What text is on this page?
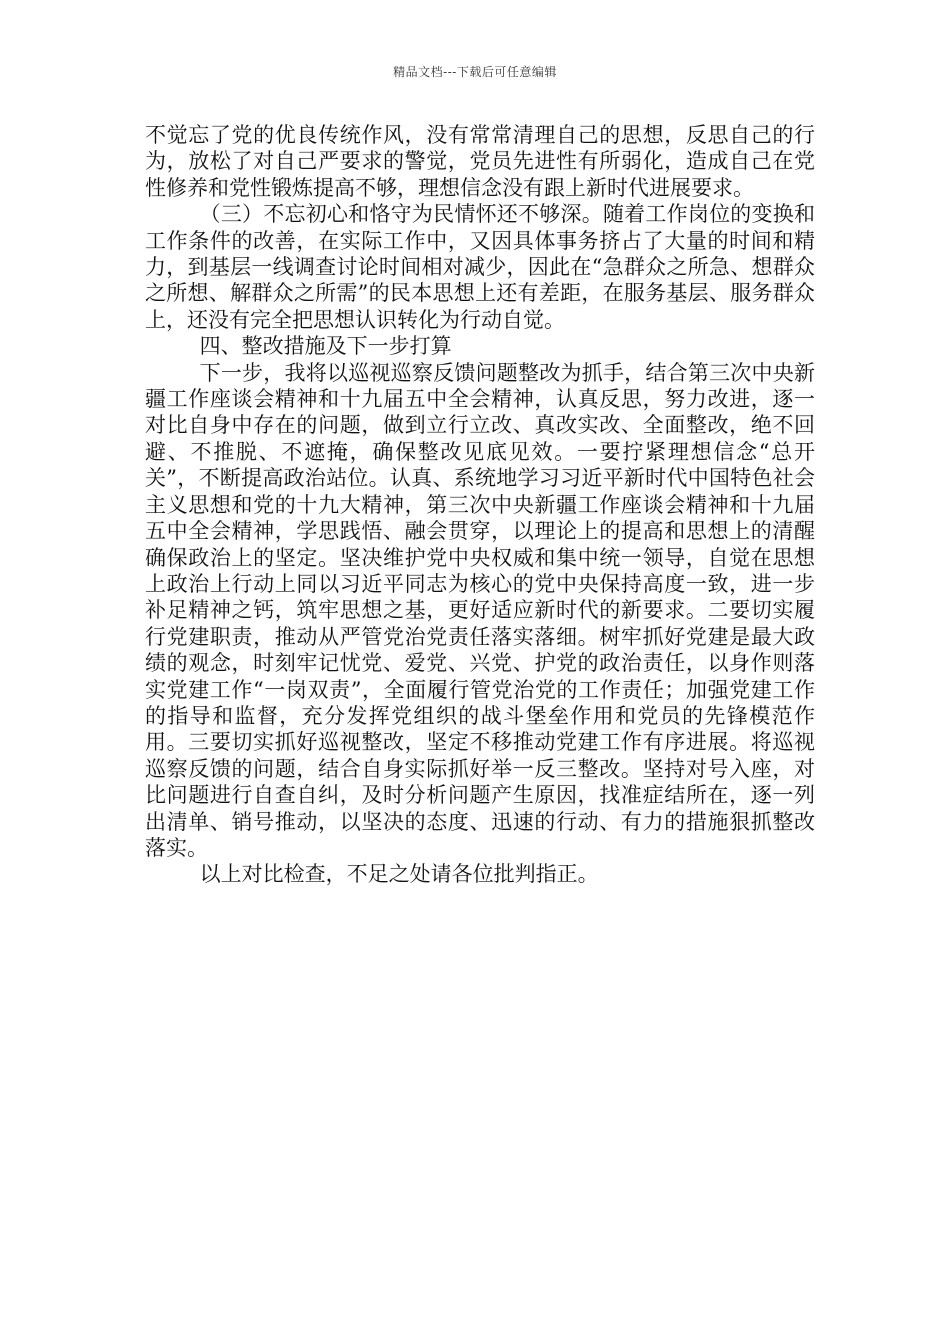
精品文档---下载后可任意编辑

不觉忘了党的优良传统作风，没有常常清理自己的思想，反思自己的行为，放松了对自己严要求的警觉，党员先进性有所弱化，造成自己在党性修养和党性锻炼提高不够，理想信念没有跟上新时代进展要求。

（三）不忘初心和恪守为民情怀还不够深。随着工作岗位的变换和工作条件的改善，在实际工作中，又因具体事务挤占了大量的时间和精力，到基层一线调查讨论时间相对减少，因此在“急群众之所急、想群众之所想、解群众之所需”的民本思想上还有差距，在服务基层、服务群众上，还没有完全把思想认识转化为行动自觉。

四、整改措施及下一步打算

下一步，我将以巡视巡察反馈问题整改为抓手，结合第三次中央新疆工作座谈会精神和十九届五中全会精神，认真反思，努力改进，逐一对比自身中存在的问题，做到立行立改、真改实改、全面整改，绝不回避、不推脱、不遮掩，确保整改见底见效。一要拧紧理想信念“总开关”，不断提高政治站位。认真、系统地学习习近平新时代中国特色社会主义思想和党的十九大精神，第三次中央新疆工作座谈会精神和十九届五中全会精神，学思践悟、融会贯穿，以理论上的提高和思想上的清醒确保政治上的坚定。坚决维护党中央权威和集中统一领导，自觉在思想上政治上行动上同以习近平同志为核心的党中央保持高度一致，进一步补足精神之钙，筑牢思想之基，更好适应新时代的新要求。二要切实履行党建职责，推动从严管党治党责任落实落细。树牢抓好党建是最大政绩的观念，时刻牢记忧党、爱党、兴党、护党的政治责任，以身作则落实党建工作“一岗双责”，全面履行管党治党的工作责任；加强党建工作的指导和监督，充分发挥党组织的战斗堡垒作用和党员的先锋模范作用。三要切实抓好巡视整改，坚定不移推动党建工作有序进展。将巡视巡察反馈的问题，结合自身实际抓好举一反三整改。坚持对号入座，对比问题进行自查自纠，及时分析问题产生原因，找准症结所在，逐一列出清单、销号推动，以坚决的态度、迅速的行动、有力的措施狠抓整改落实。

以上对比检查，不足之处请各位批判指正。
